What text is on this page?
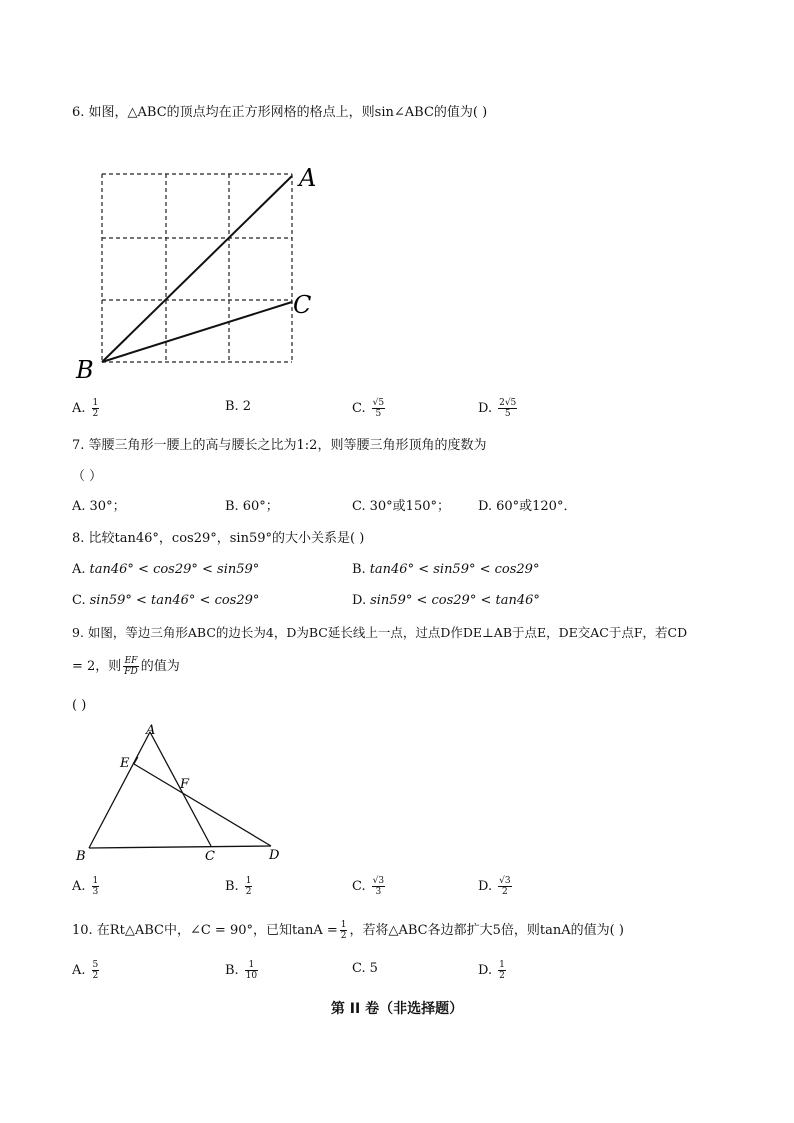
6. 如图，△ABC的顶点均在正方形网格的格点上，则sin∠ABC的值为( )
A
C
B
A. $\frac{1}{2}$	B. 2	C. $\frac{√5}{5}$	D. $\frac{2√5}{5}$
7. 等腰三角形一腰上的高与腰长之比为1:2，则等腰三角形顶角的度数为
（ ）
A. 30°；	B. 60°；	C. 30°或150°； D. 60°或120°．
8. 比较tan46°，cos29°，sin59°的大小关系是( )
A. tan46° < cos29° < sin59°	B. tan46° < sin59° < cos29°
C. sin59° < tan46° < cos29°	D. sin59° < cos29° < tan46°
9. 如图，等边三角形ABC的边长为4，D为BC延长线上一点，过点D作DE⊥AB于点E，DE交AC于点F，若CD
= 2，则 $\frac{EF}{FD}$ 的值为
( )
A
E
F
B	C	D
A. $\frac{1}{3}$	B. $\frac{1}{2}$	C. $\frac{√3}{3}$	D. $\frac{√3}{2}$
10. 在Rt△ABC中，∠C = 90°，已知$\tan A = \frac{1}{2}$ ，若将△ABC各边都扩大5倍，则tanA的值为( )
A. $\frac{5}{2}$	B. $\frac{1}{10}$	C. 5	D. $\frac{1}{2}$
第 II 卷（非选择题）
